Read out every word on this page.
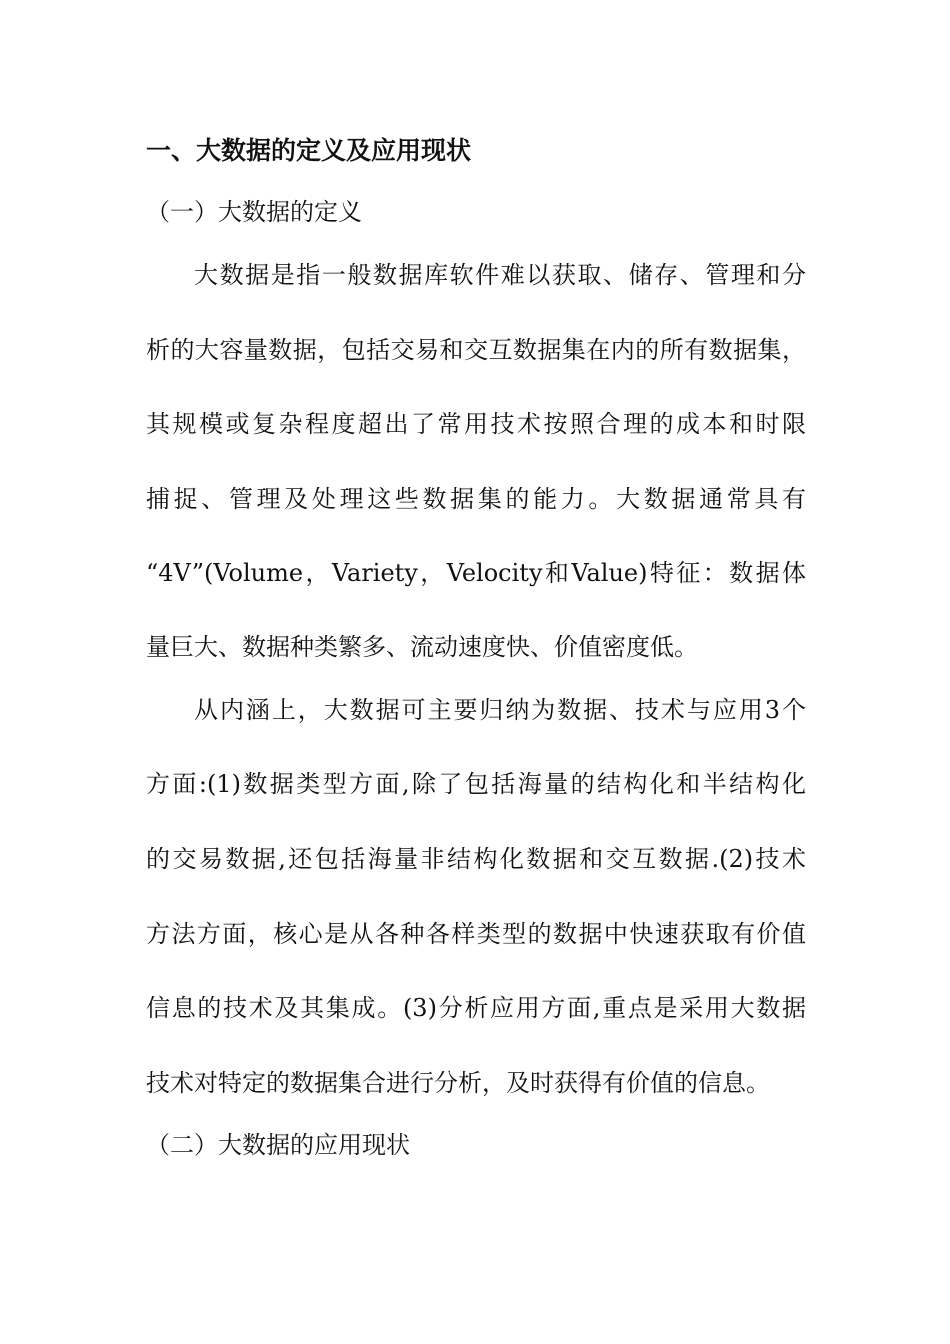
一、大数据的定义及应用现状
（一）大数据的定义
大数据是指一般数据库软件难以获取、储存、管理和分
析的大容量数据，包括交易和交互数据集在内的所有数据集，
其规模或复杂程度超出了常用技术按照合理的成本和时限
捕捉、管理及处理这些数据集的能力。大数据通常具有
“4V”(Volume，Variety，Velocity和Value)特征：数据体
量巨大、数据种类繁多、流动速度快、价值密度低。
从内涵上，大数据可主要归纳为数据、技术与应用3个
方面:(1)数据类型方面,除了包括海量的结构化和半结构化
的交易数据,还包括海量非结构化数据和交互数据.(2)技术
方法方面，核心是从各种各样类型的数据中快速获取有价值
信息的技术及其集成。(3)分析应用方面,重点是采用大数据
技术对特定的数据集合进行分析，及时获得有价值的信息。
（二）大数据的应用现状
